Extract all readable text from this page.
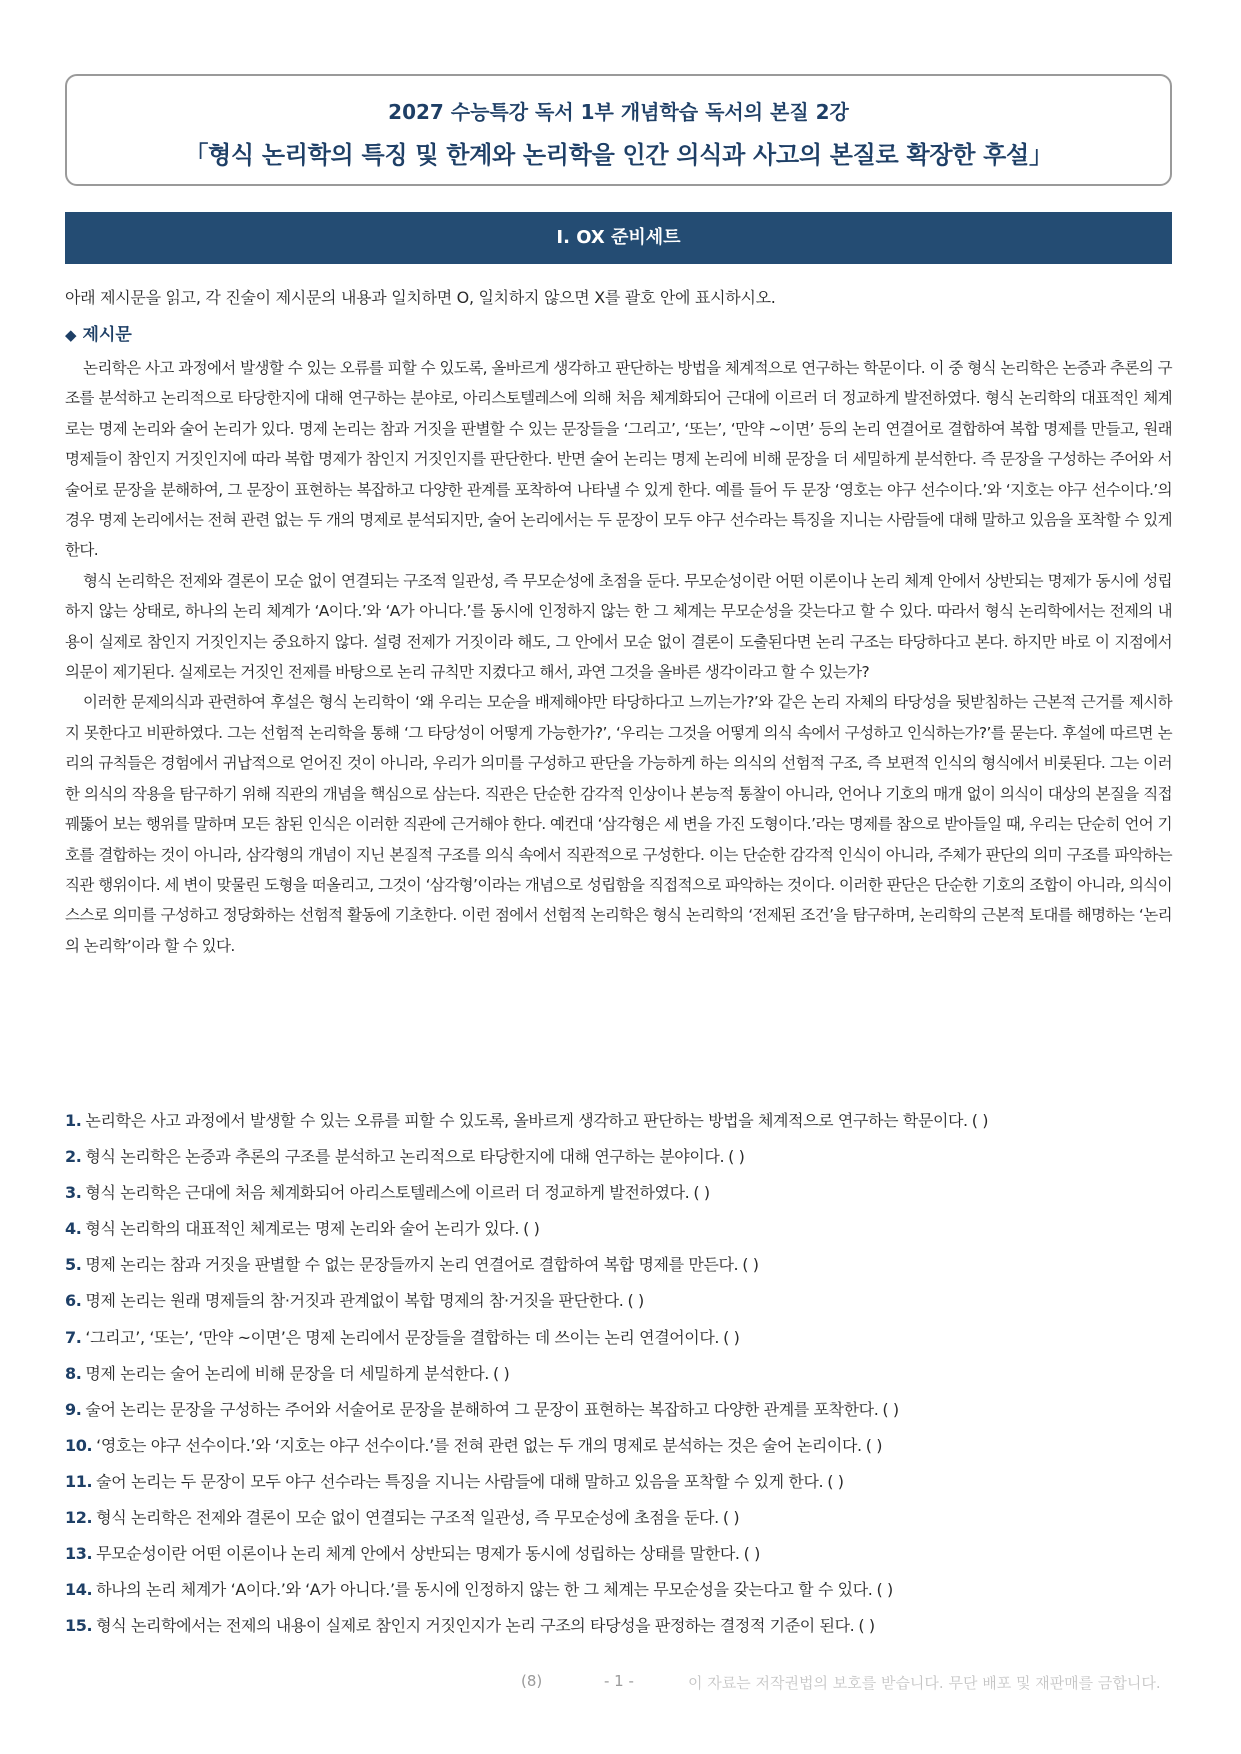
2027 수능특강 독서 1부 개념학습 독서의 본질 2강
「형식 논리학의 특징 및 한계와 논리학을 인간 의식과 사고의 본질로 확장한 후설」
Ⅰ. OX 준비세트
아래 제시문을 읽고, 각 진술이 제시문의 내용과 일치하면 O, 일치하지 않으면 X를 괄호 안에 표시하시오.
◆ 제시문

논리학은 사고 과정에서 발생할 수 있는 오류를 피할 수 있도록, 올바르게 생각하고 판단하는 방법을 체계적으로 연구하는 학문이다. 이 중 형식 논리학은 논증과 추론의 구조를 분석하고 논리적으로 타당한지에 대해 연구하는 분야로, 아리스토텔레스에 의해 처음 체계화되어 근대에 이르러 더 정교하게 발전하였다. 형식 논리학의 대표적인 체계로는 명제 논리와 술어 논리가 있다. 명제 논리는 참과 거짓을 판별할 수 있는 문장들을 ‘그리고’, ‘또는’, ‘만약 ~이면’ 등의 논리 연결어로 결합하여 복합 명제를 만들고, 원래 명제들이 참인지 거짓인지에 따라 복합 명제가 참인지 거짓인지를 판단한다. 반면 술어 논리는 명제 논리에 비해 문장을 더 세밀하게 분석한다. 즉 문장을 구성하는 주어와 서술어로 문장을 분해하여, 그 문장이 표현하는 복잡하고 다양한 관계를 포착하여 나타낼 수 있게 한다. 예를 들어 두 문장 ‘영호는 야구 선수이다.’와 ‘지호는 야구 선수이다.’의 경우 명제 논리에서는 전혀 관련 없는 두 개의 명제로 분석되지만, 술어 논리에서는 두 문장이 모두 야구 선수라는 특징을 지니는 사람들에 대해 말하고 있음을 포착할 수 있게 한다.

형식 논리학은 전제와 결론이 모순 없이 연결되는 구조적 일관성, 즉 무모순성에 초점을 둔다. 무모순성이란 어떤 이론이나 논리 체계 안에서 상반되는 명제가 동시에 성립하지 않는 상태로, 하나의 논리 체계가 ‘A이다.’와 ‘A가 아니다.’를 동시에 인정하지 않는 한 그 체계는 무모순성을 갖는다고 할 수 있다. 따라서 형식 논리학에서는 전제의 내용이 실제로 참인지 거짓인지는 중요하지 않다. 설령 전제가 거짓이라 해도, 그 안에서 모순 없이 결론이 도출된다면 논리 구조는 타당하다고 본다. 하지만 바로 이 지점에서 의문이 제기된다. 실제로는 거짓인 전제를 바탕으로 논리 규칙만 지켰다고 해서, 과연 그것을 올바른 생각이라고 할 수 있는가?

이러한 문제의식과 관련하여 후설은 형식 논리학이 ‘왜 우리는 모순을 배제해야만 타당하다고 느끼는가?’와 같은 논리 자체의 타당성을 뒷받침하는 근본적 근거를 제시하지 못한다고 비판하였다. 그는 선험적 논리학을 통해 ‘그 타당성이 어떻게 가능한가?’, ‘우리는 그것을 어떻게 의식 속에서 구성하고 인식하는가?’를 묻는다. 후설에 따르면 논리의 규칙들은 경험에서 귀납적으로 얻어진 것이 아니라, 우리가 의미를 구성하고 판단을 가능하게 하는 의식의 선험적 구조, 즉 보편적 인식의 형식에서 비롯된다. 그는 이러한 의식의 작용을 탐구하기 위해 직관의 개념을 핵심으로 삼는다. 직관은 단순한 감각적 인상이나 본능적 통찰이 아니라, 언어나 기호의 매개 없이 의식이 대상의 본질을 직접 꿰뚫어 보는 행위를 말하며 모든 참된 인식은 이러한 직관에 근거해야 한다. 예컨대 ‘삼각형은 세 변을 가진 도형이다.’라는 명제를 참으로 받아들일 때, 우리는 단순히 언어 기호를 결합하는 것이 아니라, 삼각형의 개념이 지닌 본질적 구조를 의식 속에서 직관적으로 구성한다. 이는 단순한 감각적 인식이 아니라, 주체가 판단의 의미 구조를 파악하는 직관 행위이다. 세 변이 맞물린 도형을 떠올리고, 그것이 ‘삼각형’이라는 개념으로 성립함을 직접적으로 파악하는 것이다. 이러한 판단은 단순한 기호의 조합이 아니라, 의식이 스스로 의미를 구성하고 정당화하는 선험적 활동에 기초한다. 이런 점에서 선험적 논리학은 형식 논리학의 ‘전제된 조건’을 탐구하며, 논리학의 근본적 토대를 해명하는 ‘논리의 논리학’이라 할 수 있다.

1. 논리학은 사고 과정에서 발생할 수 있는 오류를 피할 수 있도록, 올바르게 생각하고 판단하는 방법을 체계적으로 연구하는 학문이다. ( )
2. 형식 논리학은 논증과 추론의 구조를 분석하고 논리적으로 타당한지에 대해 연구하는 분야이다. ( )
3. 형식 논리학은 근대에 처음 체계화되어 아리스토텔레스에 이르러 더 정교하게 발전하였다. ( )
4. 형식 논리학의 대표적인 체계로는 명제 논리와 술어 논리가 있다. ( )
5. 명제 논리는 참과 거짓을 판별할 수 없는 문장들까지 논리 연결어로 결합하여 복합 명제를 만든다. ( )
6. 명제 논리는 원래 명제들의 참·거짓과 관계없이 복합 명제의 참·거짓을 판단한다. ( )
7. ‘그리고’, ‘또는’, ‘만약 ~이면’은 명제 논리에서 문장들을 결합하는 데 쓰이는 논리 연결어이다. ( )
8. 명제 논리는 술어 논리에 비해 문장을 더 세밀하게 분석한다. ( )
9. 술어 논리는 문장을 구성하는 주어와 서술어로 문장을 분해하여 그 문장이 표현하는 복잡하고 다양한 관계를 포착한다. ( )
10. ‘영호는 야구 선수이다.’와 ‘지호는 야구 선수이다.’를 전혀 관련 없는 두 개의 명제로 분석하는 것은 술어 논리이다. ( )
11. 술어 논리는 두 문장이 모두 야구 선수라는 특징을 지니는 사람들에 대해 말하고 있음을 포착할 수 있게 한다. ( )
12. 형식 논리학은 전제와 결론이 모순 없이 연결되는 구조적 일관성, 즉 무모순성에 초점을 둔다. ( )
13. 무모순성이란 어떤 이론이나 논리 체계 안에서 상반되는 명제가 동시에 성립하는 상태를 말한다. ( )
14. 하나의 논리 체계가 ‘A이다.’와 ‘A가 아니다.’를 동시에 인정하지 않는 한 그 체계는 무모순성을 갖는다고 할 수 있다. ( )
15. 형식 논리학에서는 전제의 내용이 실제로 참인지 거짓인지가 논리 구조의 타당성을 판정하는 결정적 기준이 된다. ( )
(8)	- 1 -	이 자료는 저작권법의 보호를 받습니다. 무단 배포 및 재판매를 금합니다.
